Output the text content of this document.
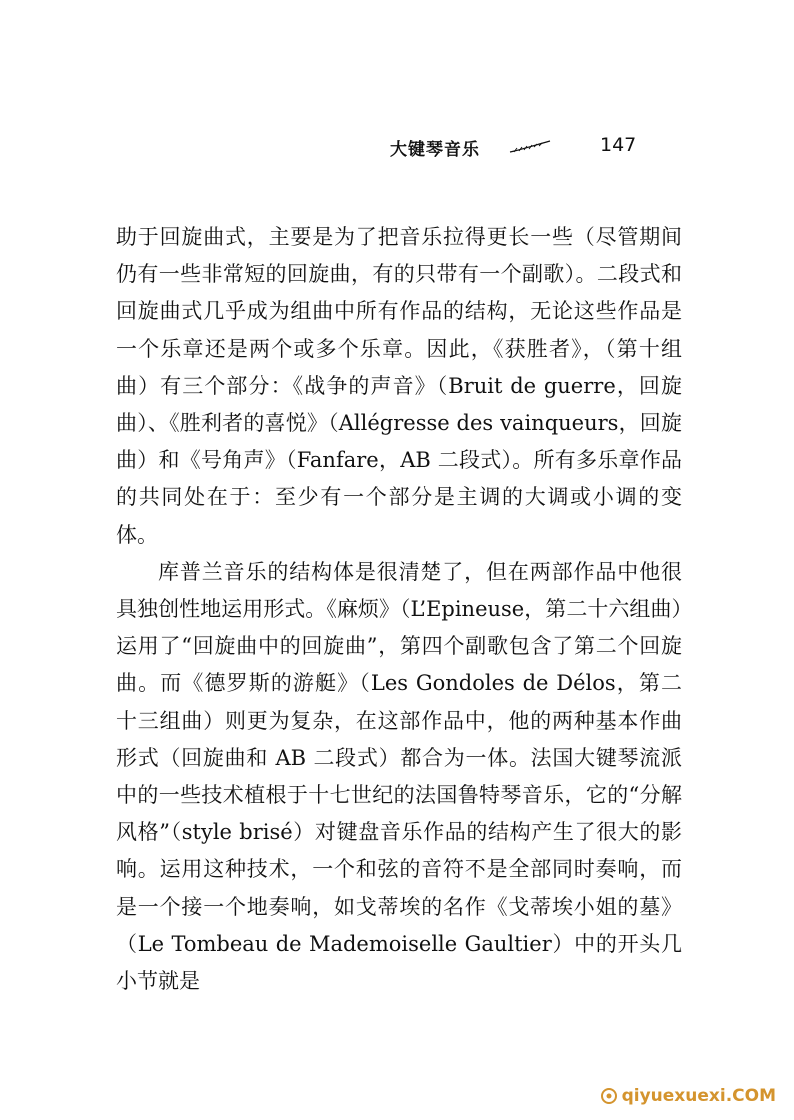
大键琴音乐	147

助于回旋曲式，主要是为了把音乐拉得更长一些（尽管期间仍有一些非常短的回旋曲，有的只带有一个副歌）。二段式和回旋曲式几乎成为组曲中所有作品的结构，无论这些作品是一个乐章还是两个或多个乐章。因此，《获胜者》，（第十组曲）有三个部分：《战争的声音》（Bruit de guerre，回旋曲）、《胜利者的喜悦》（Allégresse des vainqueurs，回旋曲）和《号角声》（Fanfare，AB 二段式）。所有多乐章作品的共同处在于：至少有一个部分是主调的大调或小调的变体。

库普兰音乐的结构体是很清楚了，但在两部作品中他很具独创性地运用形式。《麻烦》（L’Epineuse，第二十六组曲）运用了“回旋曲中的回旋曲”，第四个副歌包含了第二个回旋曲。而《德罗斯的游艇》（Les Gondoles de Délos，第二十三组曲）则更为复杂，在这部作品中，他的两种基本作曲形式（回旋曲和 AB 二段式）都合为一体。法国大键琴流派中的一些技术植根于十七世纪的法国鲁特琴音乐，它的“分解风格”（style brisé）对键盘音乐作品的结构产生了很大的影响。运用这种技术，一个和弦的音符不是全部同时奏响，而是一个接一个地奏响，如戈蒂埃的名作《戈蒂埃小姐的墓》（Le Tombeau de Mademoiselle Gaultier）中的开头几小节就是

qiyuexuexi.COM
